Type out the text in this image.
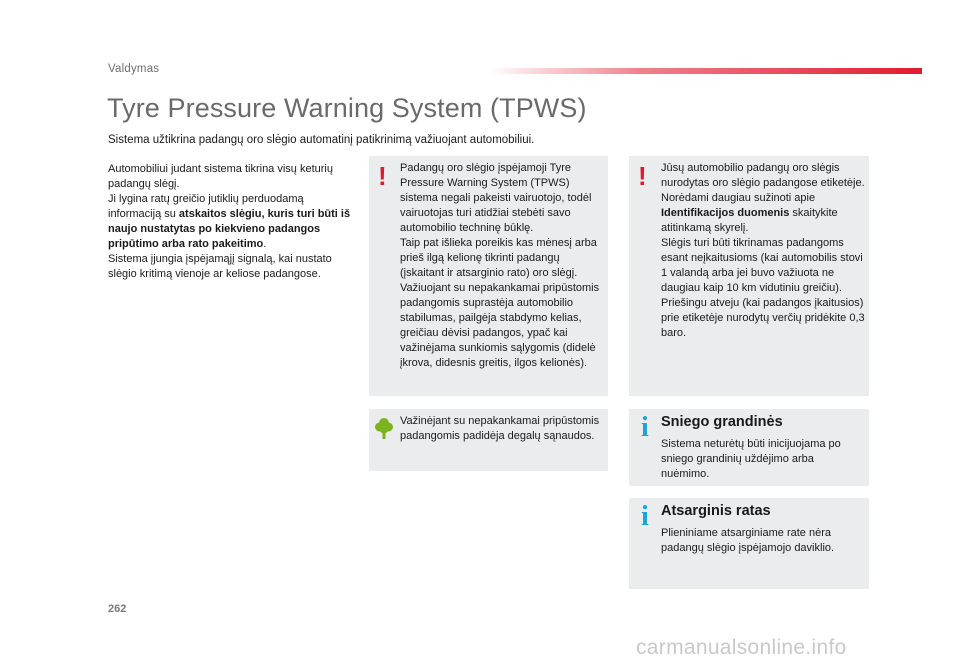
Valdymas
Tyre Pressure Warning System (TPWS)

Sistema užtikrina padangų oro slėgio automatinį patikrinimą važiuojant automobiliui.

Automobiliui judant sistema tikrina visų keturių padangų slėgį.

Ji lygina ratų greičio jutiklių perduodamą informaciją su atskaitos slėgiu, kuris turi būti iš naujo nustatytas po kiekvieno padangos pripūtimo arba rato pakeitimo.

Sistema įjungia įspėjamąjį signalą, kai nustato slėgio kritimą vienoje ar keliose padangose.

! Padangų oro slėgio įspėjamoji Tyre Pressure Warning System (TPWS) sistema negali pakeisti vairuotojo, todėl vairuotojas turi atidžiai stebėti savo automobilio techninę būklę.

Taip pat išlieka poreikis kas mėnesį arba prieš ilgą kelionę tikrinti padangų (įskaitant ir atsarginio rato) oro slėgį.

Važiuojant su nepakankamai pripūstomis padangomis suprastėja automobilio stabilumas, pailgėja stabdymo kelias, greičiau dėvisi padangos, ypač kai važinėjama sunkiomis sąlygomis (didelė įkrova, didesnis greitis, ilgos kelionės).

Važinėjant su nepakankamai pripūstomis padangomis padidėja degalų sąnaudos.

! Jūsų automobilio padangų oro slėgis nurodytas oro slėgio padangose etiketėje.

Norėdami daugiau sužinoti apie Identifikacijos duomenis skaitykite atitinkamą skyrelį.

Slėgis turi būti tikrinamas padangoms esant neįkaitusioms (kai automobilis stovi 1 valandą arba jei buvo važiuota ne daugiau kaip 10 km vidutiniu greičiu).

Priešingu atveju (kai padangos įkaitusios) prie etiketėje nurodytų verčių pridėkite 0,3 baro.

i Sniego grandinės

Sistema neturėtų būti inicijuojama po sniego grandinių uždėjimo arba nuėmimo.

i Atsarginis ratas

Plieniniame atsarginiame rate nėra padangų slėgio įspėjamojo daviklio.

262
carmanualsonline.info
